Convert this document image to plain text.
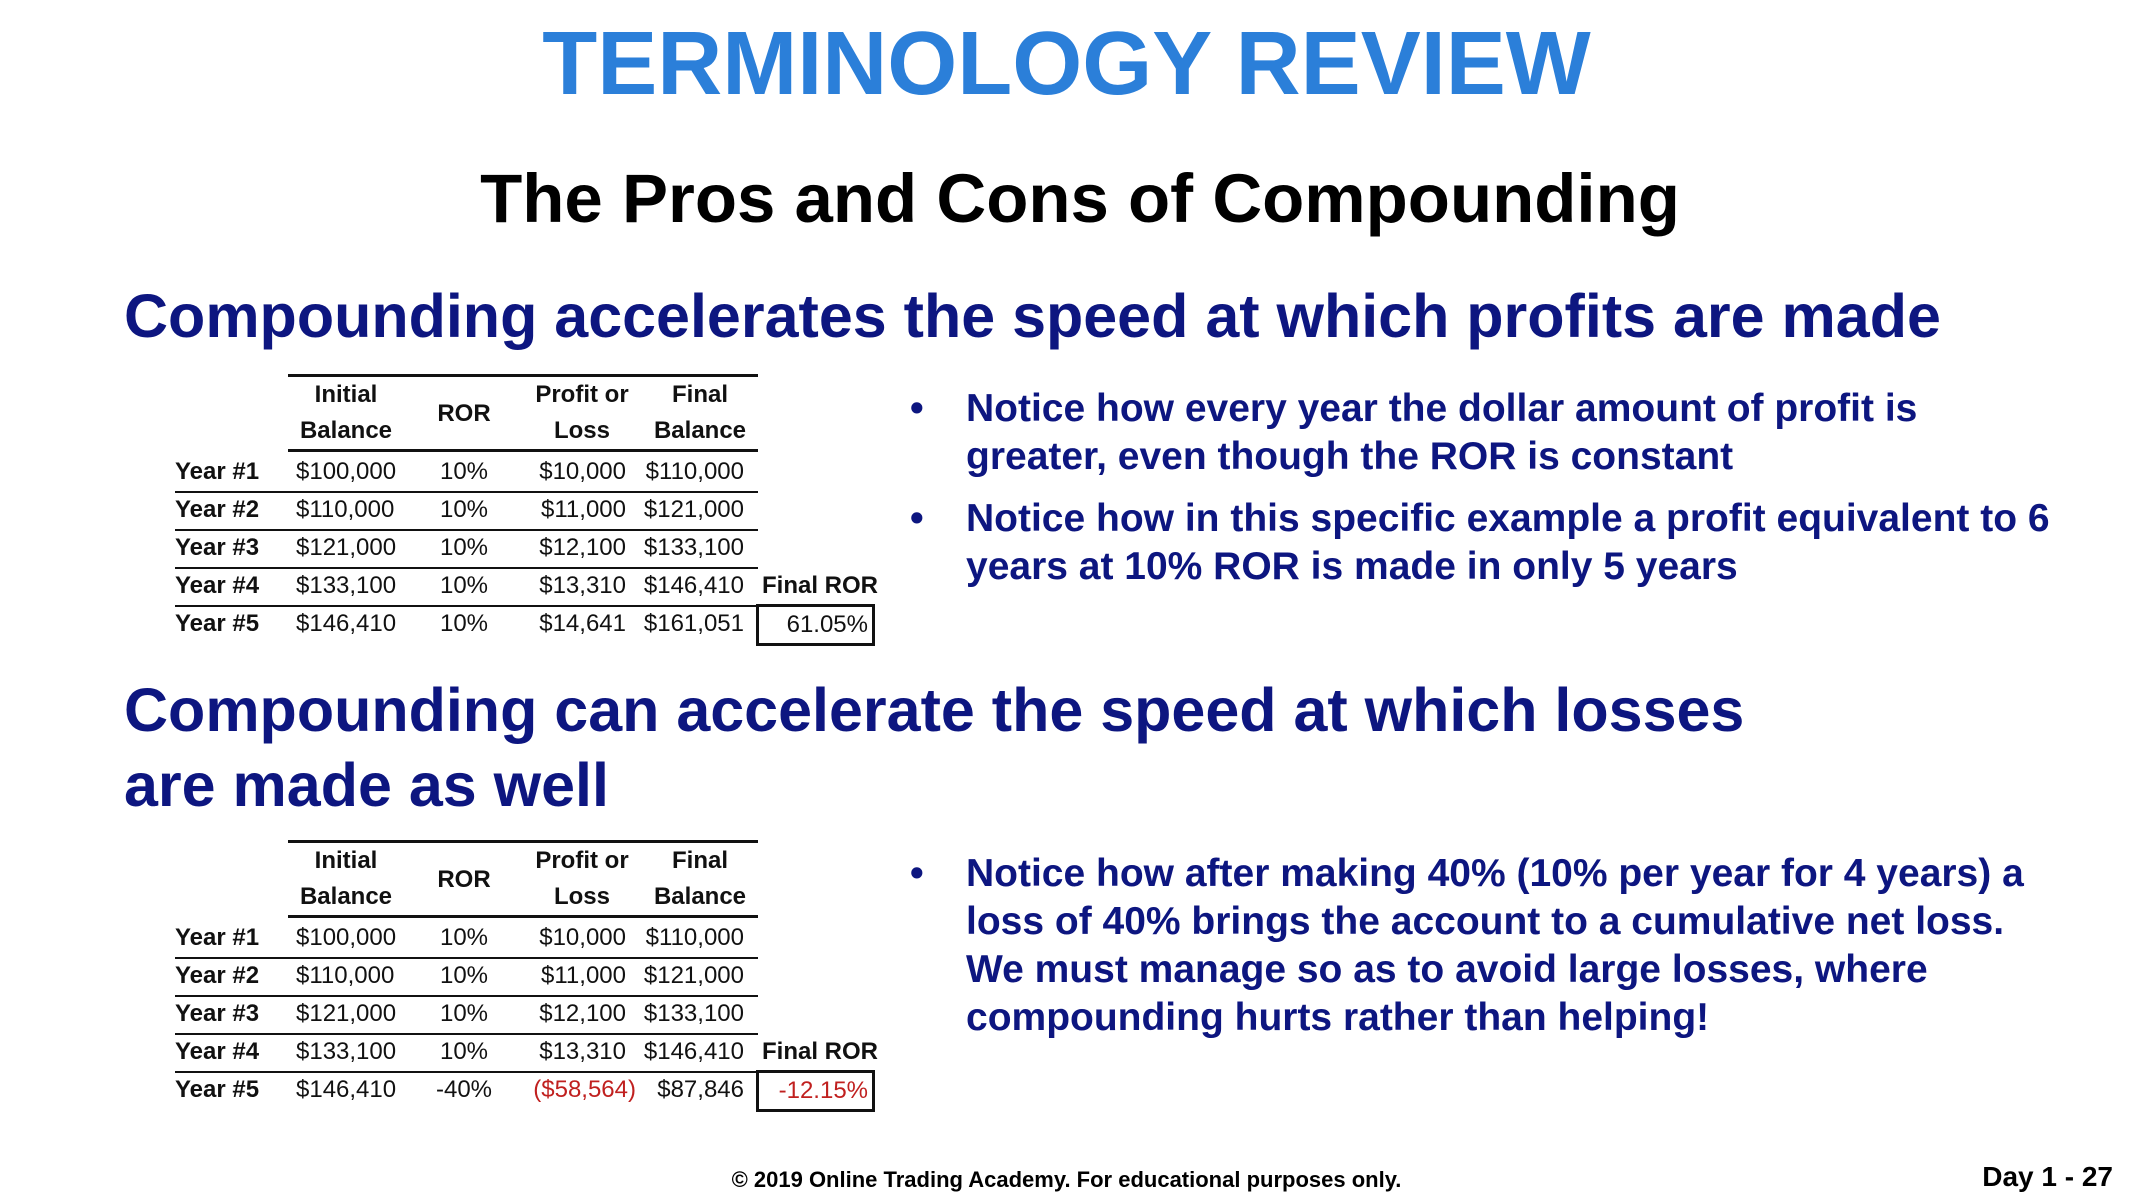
TERMINOLOGY REVIEW
The Pros and Cons of Compounding
Compounding accelerates the speed at which profits are made
Initial
Balance
ROR
Profit or
Loss
Final
Balance
Year #1 $100,000	10%	$10,000 $110,000
Year #2 $110,000	10%	$11,000 $121,000
Year #3 $121,000	10%	$12,100 $133,100
Year #4 $133,100	10%	$13,310 $146,410 Final ROR
Year #5 $146,410	10%	$14,641 $161,051	61.05%
• Notice how every year the dollar amount of profit is greater, even though the ROR is constant
• Notice how in this specific example a profit equivalent to 6 years at 10% ROR is made in only 5 years
Compounding can accelerate the speed at which losses
are made as well
Initial
Balance
ROR
Profit or
Loss
Final
Balance
Year #1 $100,000	10%	$10,000 $110,000
Year #2 $110,000	10%	$11,000 $121,000
Year #3 $121,000	10%	$12,100 $133,100
Year #4 $133,100	10%	$13,310 $146,410 Final ROR
Year #5 $146,410	-40%	($58,564) $87,846	-12.15%
• Notice how after making 40% (10% per year for 4 years) a loss of 40% brings the account to a cumulative net loss. We must manage so as to avoid large losses, where compounding hurts rather than helping!
© 2019 Online Trading Academy. For educational purposes only.	Day 1 - 27
